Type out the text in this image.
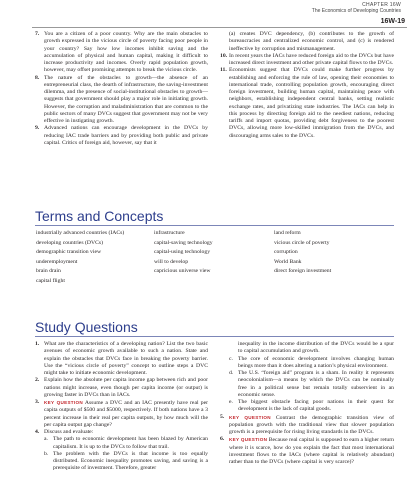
CHAPTER 16W
The Economics of Developing Countries
16W-19
7. You are a citizen of a poor country. Why are the main obstacles to growth expressed in the vicious circle of poverty facing poor people in your country? Say how low incomes inhibit saving and the accumulation of physical and human capital, making it difficult to increase productivity and incomes. Overly rapid population growth, however, may offset promising attempts to break the vicious circle.
8. The nature of the obstacles to growth—the absence of an entrepreneurial class, the dearth of infrastructure, the saving-investment dilemma, and the presence of social-institutional obstacles to growth—suggests that government should play a major role in initiating growth. However, the corruption and maladministration that are common to the public sectors of many DVCs suggest that government may not be very effective in instigating growth.
9. Advanced nations can encourage development in the DVCs by reducing IAC trade barriers and by providing both public and private capital. Critics of foreign aid, however, say that it
(a) creates DVC dependency, (b) contributes to the growth of bureaucracies and centralized economic control, and (c) is rendered ineffective by corruption and mismanagement.
10. In recent years the IACs have reduced foreign aid to the DVCs but have increased direct investment and other private capital flows to the DVCs.
11. Economists suggest that DVCs could make further progress by establishing and enforcing the rule of law, opening their economies to international trade, controlling population growth, encouraging direct foreign investment, building human capital, maintaining peace with neighbors, establishing independent central banks, setting realistic exchange rates, and privatizing state industries. The IACs can help in this process by directing foreign aid to the neediest nations, reducing tariffs and import quotas, providing debt forgiveness to the poorest DVCs, allowing more low-skilled immigration from the DVCs, and discouraging arms sales to the DVCs.
Terms and Concepts
industrially advanced countries (IACs)
developing countries (DVCs)
demographic transition view
underemployment
brain drain
capital flight
infrastructure
capital-saving technology
capital-using technology
will to develop
capricious universe view
land reform
vicious circle of poverty
corruption
World Bank
direct foreign investment
Study Questions
1. What are the characteristics of a developing nation? List the two basic avenues of economic growth available to such a nation. State and explain the obstacles that DVCs face in breaking the poverty barrier. Use the “vicious circle of poverty” concept to outline steps a DVC might take to initiate economic development.
2. Explain how the absolute per capita income gap between rich and poor nations might increase, even though per capita income (or output) is growing faster in DVCs than in IACs.
3. KEY QUESTION Assume a DVC and an IAC presently have real per capita outputs of $500 and $5000, respectively. If both nations have a 3 percent increase in their real per capita outputs, by how much will the per capita output gap change?
4. Discuss and evaluate:
a. The path to economic development has been blazed by American capitalism. It is up to the DVCs to follow that trail.
b. The problem with the DVCs is that income is too equally distributed. Economic inequality promotes saving, and saving is a prerequisite of investment. Therefore, greater
inequality in the income distribution of the DVCs would be a spur to capital accumulation and growth.
c. The core of economic development involves changing human beings more than it does altering a nation’s physical environment.
d. The U.S. “foreign aid” program is a sham. In reality it represents neocolonialism—a means by which the DVCs can be nominally free in a political sense but remain totally subservient in an economic sense.
e. The biggest obstacle facing poor nations in their quest for development is the lack of capital goods.
5. KEY QUESTION Contrast the demographic transition view of population growth with the traditional view that slower population growth is a prerequisite for rising living standards in the DVCs.
6. KEY QUESTION Because real capital is supposed to earn a higher return where it is scarce, how do you explain the fact that most international investment flows to the IACs (where capital is relatively abundant) rather than to the DVCs (where capital is very scarce)?
